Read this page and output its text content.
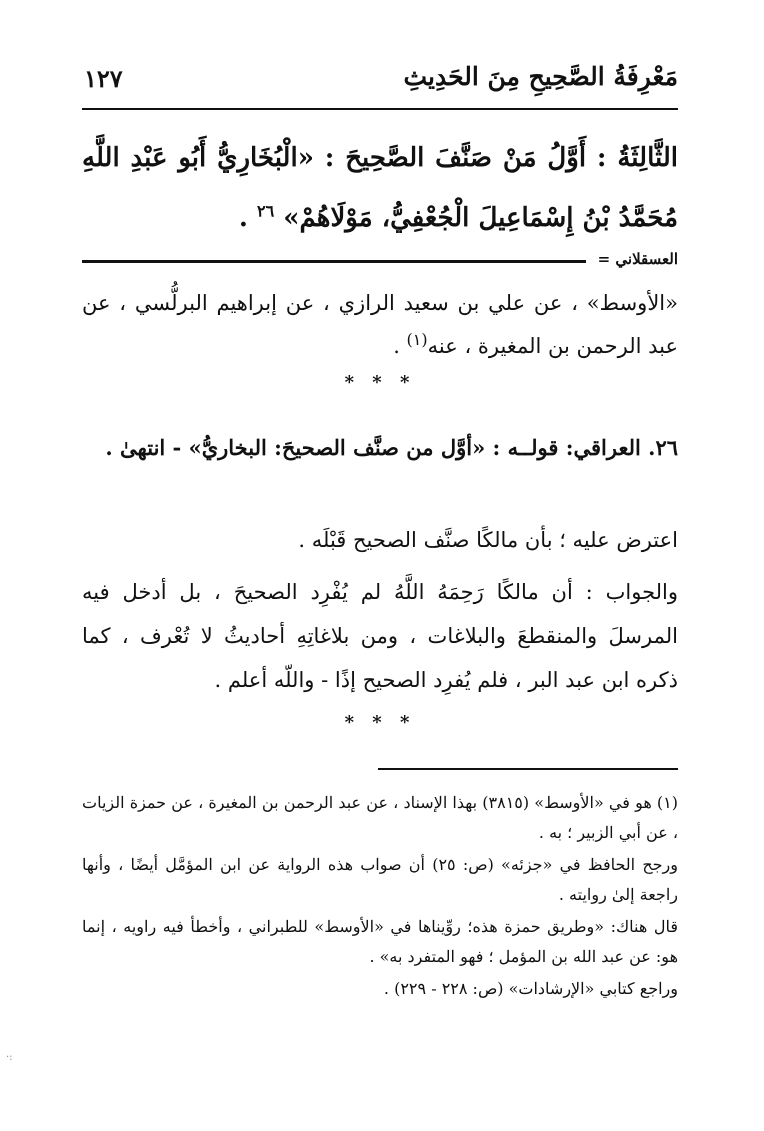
مَعْرِفَةُ الصَّحِيحِ مِنَ الحَدِيثِ
١٢٧
الثَّالِثَةُ : أَوَّلُ مَنْ صَنَّفَ الصَّحِيحَ : «الْبُخَارِيُّ أَبُو عَبْدِ اللَّهِ مُحَمَّدُ بْنُ إِسْمَاعِيلَ الْجُعْفِيُّ، مَوْلَاهُمْ» $^{٢٦}$ .
العسقلاني =
«الأوسط» ، عن علي بن سعيد الرازي ، عن إبراهيم البرلُّسي ، عن عبد الرحمن بن المغيرة ، عنه$^{(١)}$ .
* * *
٢٦. العراقي: قولــه : «أوَّل من صنَّف الصحيحَ: البخاريُّ» - انتهىٰ .

اعترض عليه ؛ بأن مالكًا صنَّف الصحيح قَبْلَه .

والجواب : أن مالكًا رَحِمَهُ اللَّهُ لم يُفْرِد الصحيحَ ، بل أدخل فيه المرسلَ والمنقطعَ والبلاغات ، ومن بلاغاتِهِ أحاديثُ لا تُعْرف ، كما ذكره ابن عبد البر ، فلم يُفرِد الصحيح إذًا - واللّه أعلم .

* * *

(١) هو في «الأوسط» (٣٨١٥) بهذا الإسناد ، عن عبد الرحمن بن المغيرة ، عن حمزة الزيات ، عن أبي الزبير ؛ به .

ورجح الحافظ في «جزئه» (ص: ٢٥) أن صواب هذه الرواية عن ابن المؤمَّل أيضًا ، وأنها راجعة إلىٰ روايته .

قال هناك: «وطريق حمزة هذه؛ روِّيناها في «الأوسط» للطبراني ، وأخطأ فيه راويه ، إنما هو: عن عبد الله بن المؤمل ؛ فهو المتفرد به» .

وراجع كتابي «الإرشادات» (ص: ٢٢٨ - ٢٢٩) .

·:
